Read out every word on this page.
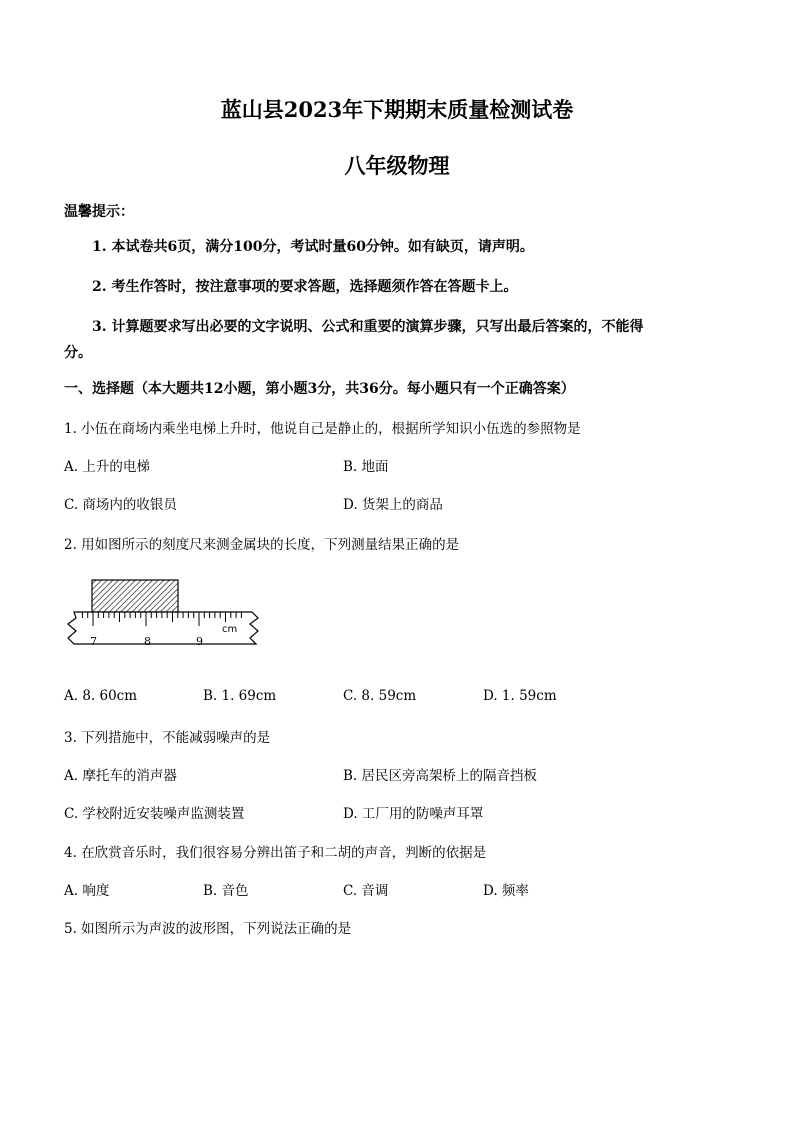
蓝山县2023年下期期末质量检测试卷
八年级物理
温馨提示：
1. 本试卷共6页，满分100分，考试时量60分钟。如有缺页，请声明。
2. 考生作答时，按注意事项的要求答题，选择题须作答在答题卡上。
3. 计算题要求写出必要的文字说明、公式和重要的演算步骤，只写出最后答案的，不能得
分。
一、选择题（本大题共12小题，第小题3分，共36分。每小题只有一个正确答案）
1. 小伍在商场内乘坐电梯上升时，他说自己是静止的，根据所学知识小伍选的参照物是
A. 上升的电梯	B. 地面
C. 商场内的收银员	D. 货架上的商品
2. 用如图所示的刻度尺来测金属块的长度，下列测量结果正确的是
7	8	9
cm
A. 8. 60cm	B. 1. 69cm	C. 8. 59cm	D. 1. 59cm
3. 下列措施中，不能减弱噪声的是
A. 摩托车的消声器	B. 居民区旁高架桥上的隔音挡板
C. 学校附近安装噪声监测装置	D. 工厂用的防噪声耳罩
4. 在欣赏音乐时，我们很容易分辨出笛子和二胡的声音，判断的依据是
A. 响度	B. 音色	C. 音调	D. 频率
5. 如图所示为声波的波形图，下列说法正确的是
